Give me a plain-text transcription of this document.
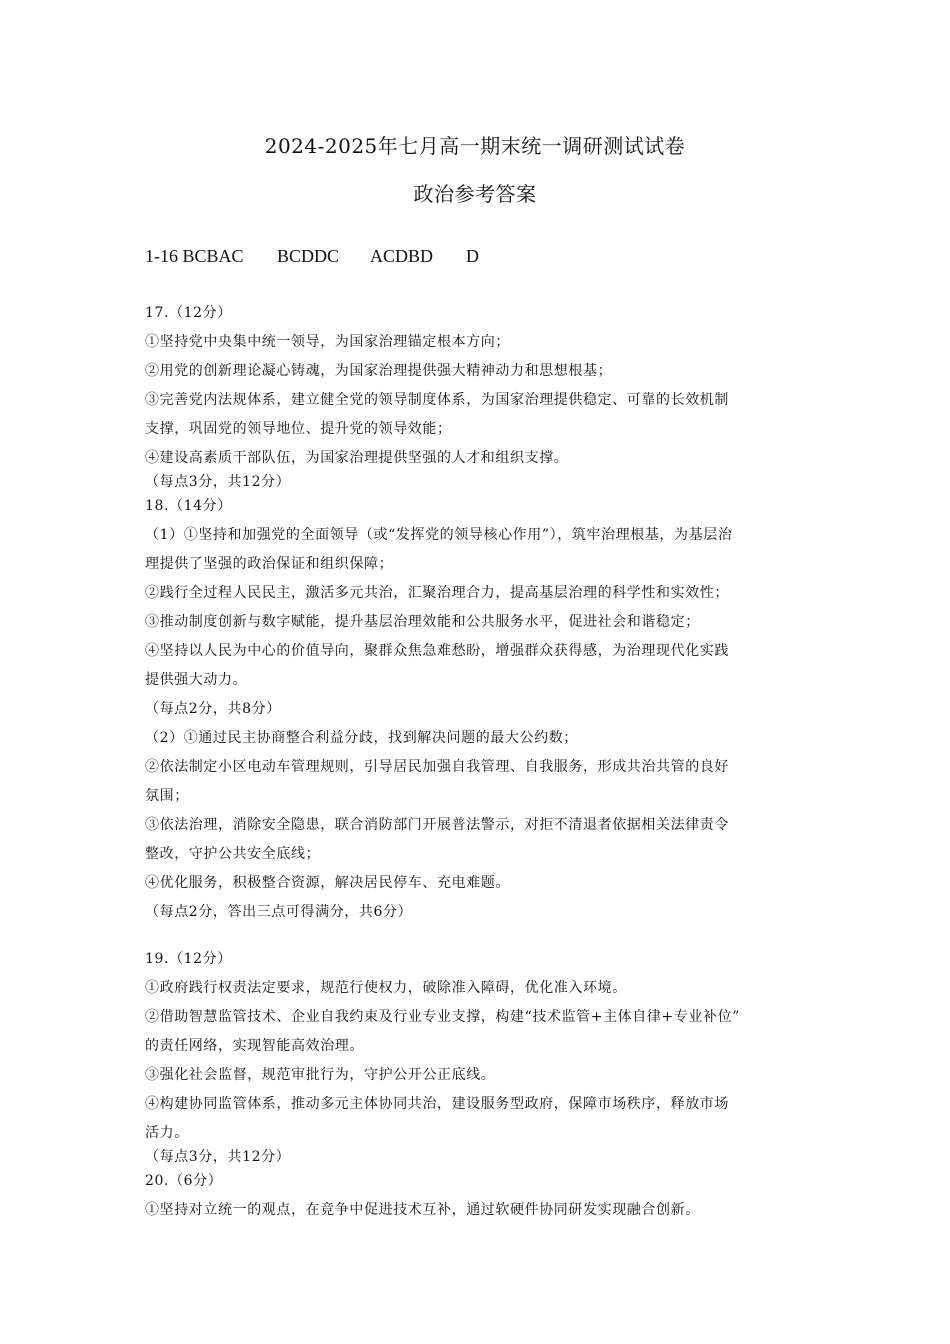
2024-2025年七月高一期末统一调研测试试卷
政治参考答案
1-16 BCBAC BCDDC ACDBD D
17.（12分）
①坚持党中央集中统一领导，为国家治理锚定根本方向；
②用党的创新理论凝心铸魂，为国家治理提供强大精神动力和思想根基；
③完善党内法规体系，建立健全党的领导制度体系，为国家治理提供稳定、可靠的长效机制
支撑，巩固党的领导地位、提升党的领导效能；
④建设高素质干部队伍，为国家治理提供坚强的人才和组织支撑。
（每点3分，共12分）
18.（14分）
（1）①坚持和加强党的全面领导（或“发挥党的领导核心作用”），筑牢治理根基，为基层治
理提供了坚强的政治保证和组织保障；
②践行全过程人民民主，激活多元共治，汇聚治理合力，提高基层治理的科学性和实效性；
③推动制度创新与数字赋能，提升基层治理效能和公共服务水平，促进社会和谐稳定；
④坚持以人民为中心的价值导向，聚群众焦急难愁盼，增强群众获得感，为治理现代化实践
提供强大动力。
（每点2分，共8分）
（2）①通过民主协商整合利益分歧，找到解决问题的最大公约数；
②依法制定小区电动车管理规则，引导居民加强自我管理、自我服务，形成共治共管的良好
氛围；
③依法治理，消除安全隐患，联合消防部门开展普法警示，对拒不清退者依据相关法律责令
整改，守护公共安全底线；
④优化服务，积极整合资源，解决居民停车、充电难题。
（每点2分，答出三点可得满分，共6分）
19.（12分）
①政府践行权责法定要求，规范行使权力，破除准入障碍，优化准入环境。
②借助智慧监管技术、企业自我约束及行业专业支撑，构建“技术监管+主体自律+专业补位”
的责任网络，实现智能高效治理。
③强化社会监督，规范审批行为，守护公开公正底线。
④构建协同监管体系，推动多元主体协同共治，建设服务型政府，保障市场秩序，释放市场
活力。
（每点3分，共12分）
20.（6分）
①坚持对立统一的观点，在竞争中促进技术互补，通过软硬件协同研发实现融合创新。
